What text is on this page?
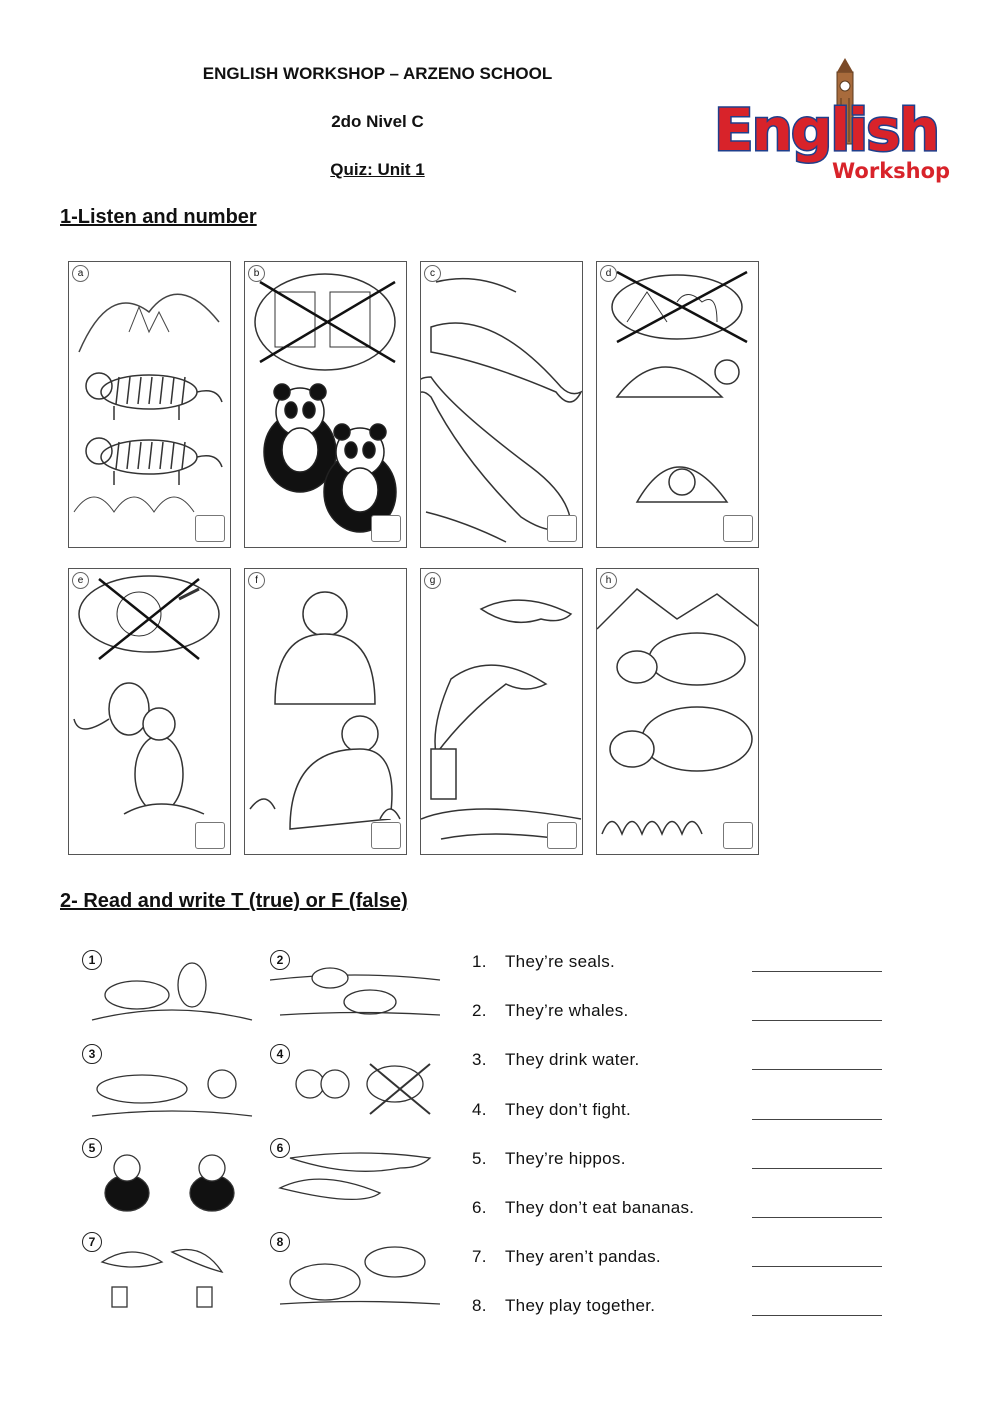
ENGLISH WORKSHOP – ARZENO SCHOOL
2do Nivel C
Quiz: Unit 1
English
Workshop
1-Listen and number
a	b	c	d
e	f	g	h
2- Read and write T (true) or F (false)
1	2
3	4
5	6
7	8
1. They’re seals.
2. They’re whales.
3. They drink water.
4. They don’t fight.
5. They’re hippos.
6. They don’t eat bananas.
7. They aren’t pandas.
8. They play together.
